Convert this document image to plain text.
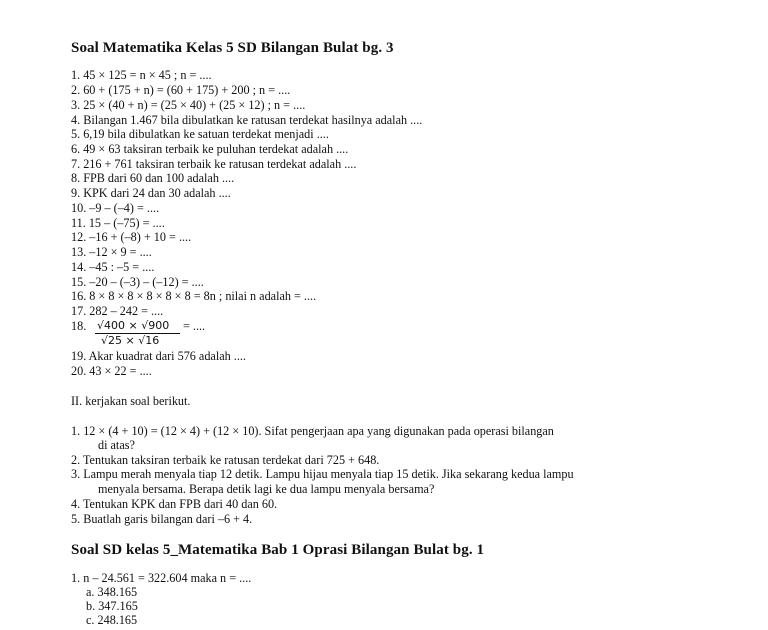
Soal Matematika Kelas 5 SD Bilangan Bulat bg. 3
1. 45 × 125 = n × 45 ; n = ....
2. 60 + (175 + n) = (60 + 175) + 200 ; n = ....
3. 25 × (40 + n) = (25 × 40) + (25 × 12) ; n = ....
4. Bilangan 1.467 bila dibulatkan ke ratusan terdekat hasilnya adalah ....
5. 6,19 bila dibulatkan ke satuan terdekat menjadi ....
6. 49 × 63 taksiran terbaik ke puluhan terdekat adalah ....
7. 216 + 761 taksiran terbaik ke ratusan terdekat adalah ....
8. FPB dari 60 dan 100 adalah ....
9. KPK dari 24 dan 30 adalah ....
10. –9 – (–4) = ....
11. 15 – (–75) = ....
12. –16 + (–8) + 10 = ....
13. –12 × 9 = ....
14. –45 : –5 = ....
15. –20 – (–3) – (–12) = ....
16. 8 × 8 × 8 × 8 × 8 × 8 = 8n ; nilai n adalah = ....
17. 282 – 242 = ....
18. √400 × √900
√25 × √16
= ....
19. Akar kuadrat dari 576 adalah ....
20. 43 × 22 = ....
II. kerjakan soal berikut.
1. 12 × (4 + 10) = (12 × 4) + (12 × 10). Sifat pengerjaan apa yang digunakan pada operasi bilangan
di atas?
2. Tentukan taksiran terbaik ke ratusan terdekat dari 725 + 648.
3. Lampu merah menyala tiap 12 detik. Lampu hijau menyala tiap 15 detik. Jika sekarang kedua lampu
menyala bersama. Berapa detik lagi ke dua lampu menyala bersama?
4. Tentukan KPK dan FPB dari 40 dan 60.
5. Buatlah garis bilangan dari –6 + 4.
Soal SD kelas 5_Matematika Bab 1 Oprasi Bilangan Bulat bg. 1
1. n – 24.561 = 322.604 maka n = ....
a. 348.165
b. 347.165
c. 248.165
